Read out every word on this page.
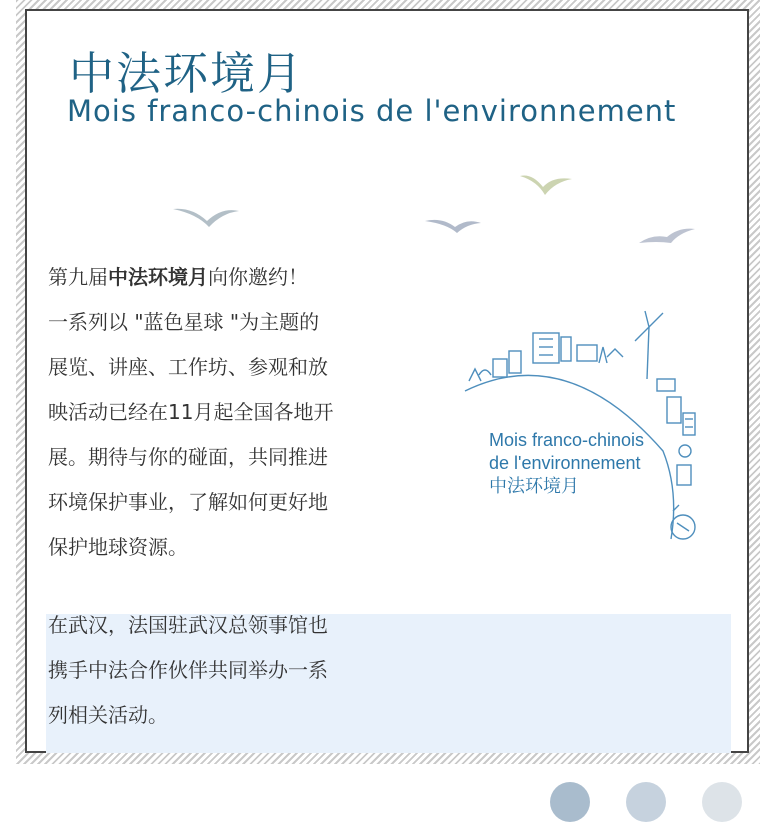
中法环境月
Mois franco-chinois de l'environnement
第九届中法环境月向你邀约！
一系列以 "蓝色星球 "为主题的
展览、讲座、工作坊、参观和放
映活动已经在11月起全国各地开
展。期待与你的碰面，共同推进
环境保护事业，了解如何更好地
保护地球资源。
Mois franco-chinois
de l'environnement
中法环境月
在武汉，法国驻武汉总领事馆也
携手中法合作伙伴共同举办一系
列相关活动。
